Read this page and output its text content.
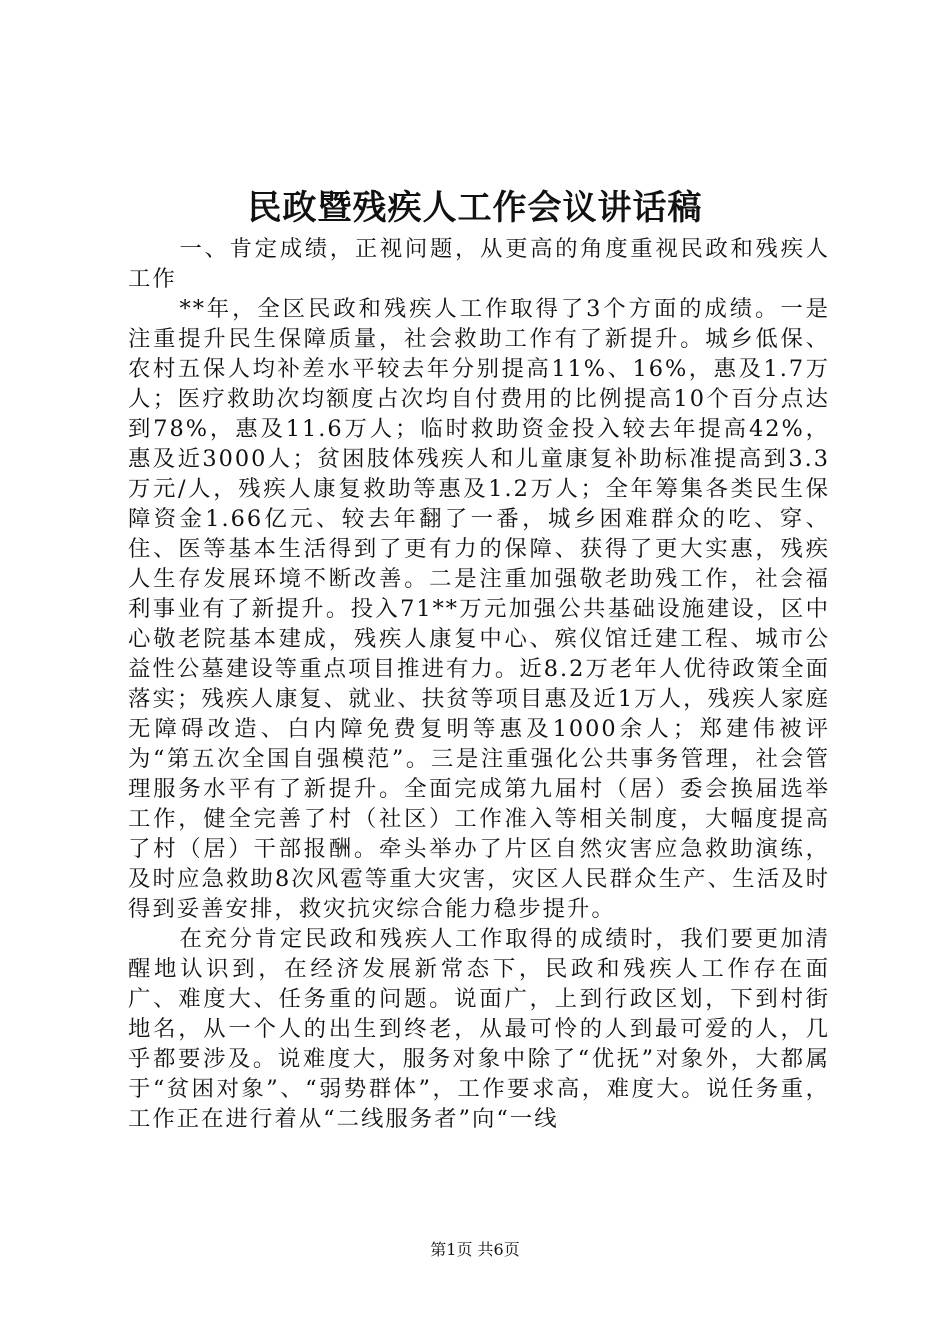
民政暨残疾人工作会议讲话稿

一、肯定成绩，正视问题，从更高的角度重视民政和残疾人工作

**年，全区民政和残疾人工作取得了3个方面的成绩。一是注重提升民生保障质量，社会救助工作有了新提升。城乡低保、农村五保人均补差水平较去年分别提高11%、16%，惠及1.7万人；医疗救助次均额度占次均自付费用的比例提高10个百分点达到78%，惠及11.6万人；临时救助资金投入较去年提高42%，惠及近3000人；贫困肢体残疾人和儿童康复补助标准提高到3.3万元/人，残疾人康复救助等惠及1.2万人；全年筹集各类民生保障资金1.66亿元、较去年翻了一番，城乡困难群众的吃、穿、住、医等基本生活得到了更有力的保障、获得了更大实惠，残疾人生存发展环境不断改善。二是注重加强敬老助残工作，社会福利事业有了新提升。投入71**万元加强公共基础设施建设，区中心敬老院基本建成，残疾人康复中心、殡仪馆迁建工程、城市公益性公墓建设等重点项目推进有力。近8.2万老年人优待政策全面落实；残疾人康复、就业、扶贫等项目惠及近1万人，残疾人家庭无障碍改造、白内障免费复明等惠及1000余人；郑建伟被评为“第五次全国自强模范”。三是注重强化公共事务管理，社会管理服务水平有了新提升。全面完成第九届村（居）委会换届选举工作，健全完善了村（社区）工作准入等相关制度，大幅度提高了村（居）干部报酬。牵头举办了片区自然灾害应急救助演练，及时应急救助8次风雹等重大灾害，灾区人民群众生产、生活及时得到妥善安排，救灾抗灾综合能力稳步提升。

在充分肯定民政和残疾人工作取得的成绩时，我们要更加清醒地认识到，在经济发展新常态下，民政和残疾人工作存在面广、难度大、任务重的问题。说面广，上到行政区划，下到村街地名，从一个人的出生到终老，从最可怜的人到最可爱的人，几乎都要涉及。说难度大，服务对象中除了“优抚”对象外，大都属于“贫困对象”、“弱势群体”，工作要求高，难度大。说任务重，工作正在进行着从“二线服务者”向“一线

第1页 共6页
